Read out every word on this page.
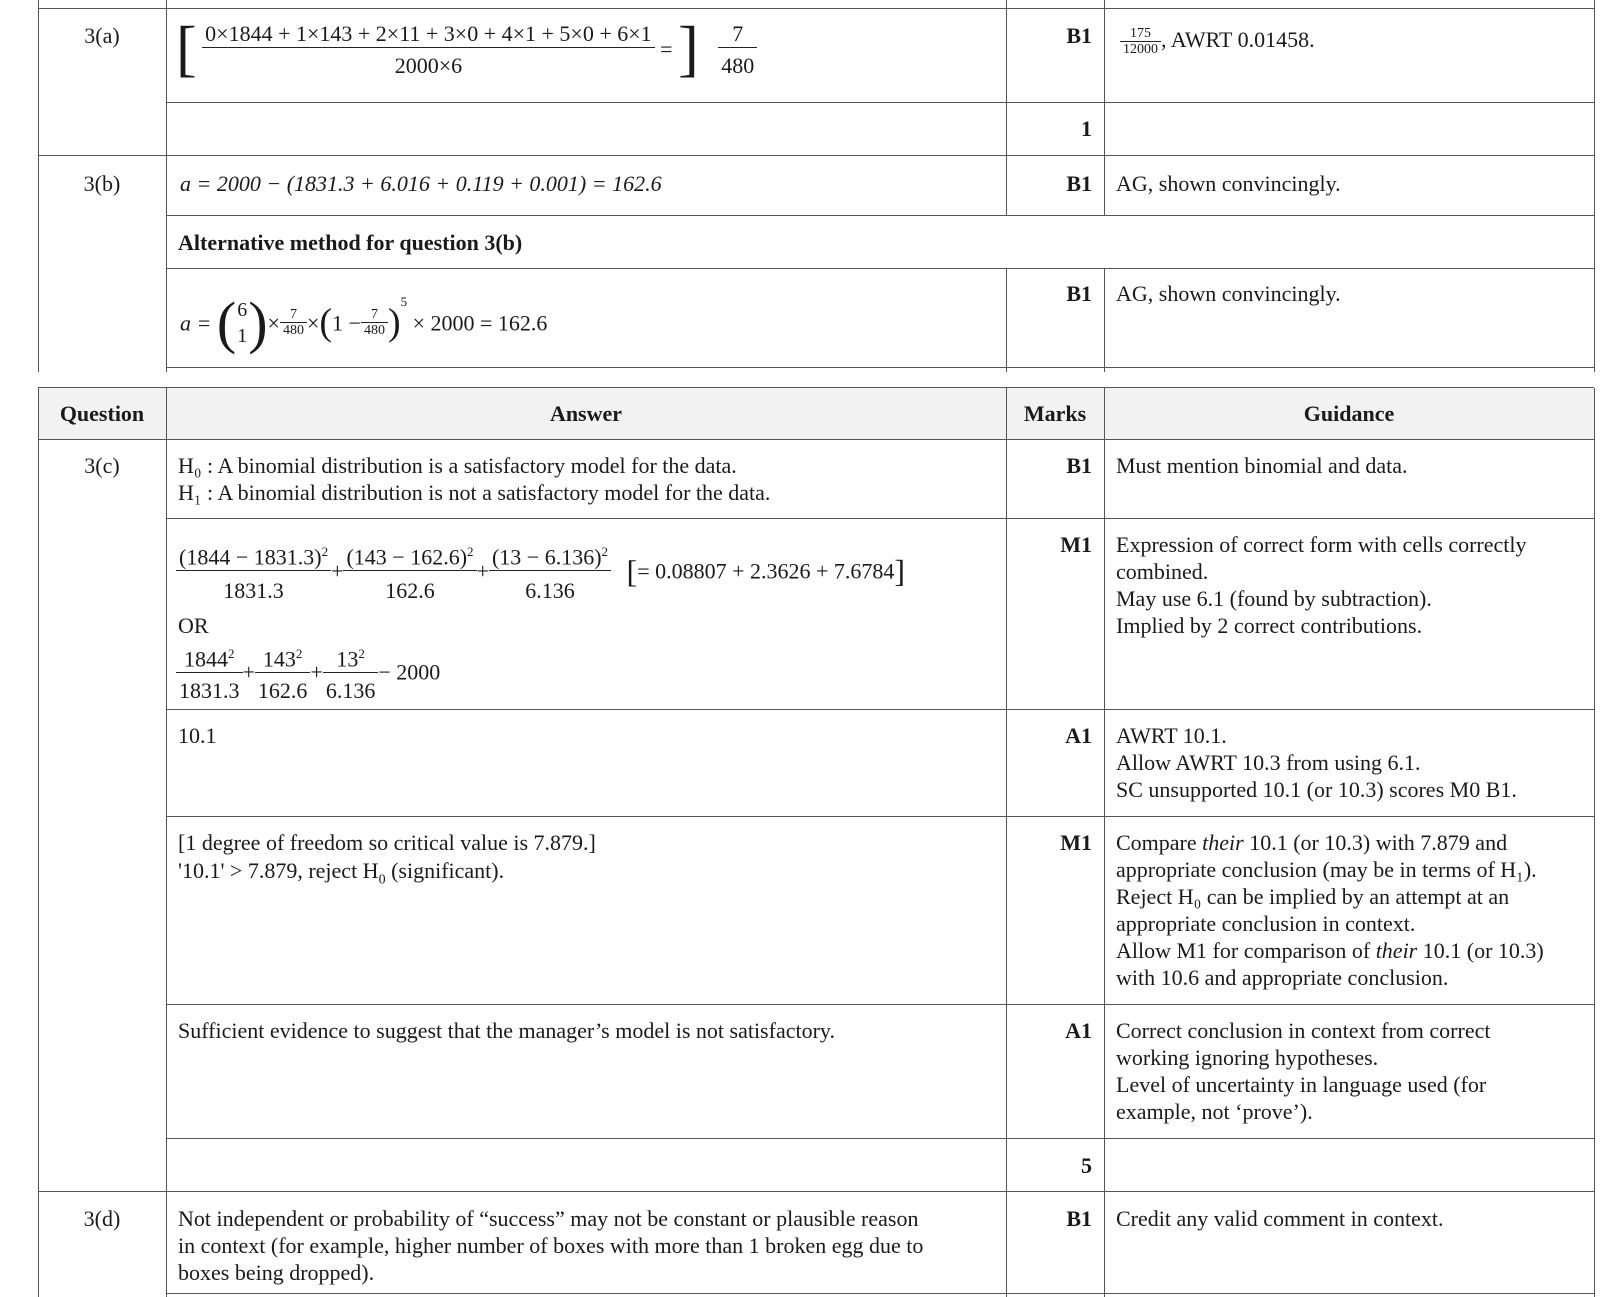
3(a) [ $\frac{0\times 1844 + 1\times 143 + 2\times 11 + 3\times 0 + 4\times 1 + 5\times 0 + 6\times 1}{2000\times 6}$ = ] $\frac{7}{480}$	$B1 \frac{175}{12000}$ , AWRT 0.01458.
1
3(b)	a = 2000 − (1831.3 + 6.016 + 0.119 + 0.001) = 162.6	B1 AG, shown convincingly.
Alternative method for question 3(b)
a = ( 6
1 ) × $\frac{7}{480} \times(1 - \frac{7}{480} )^5 \times 2000 = 162.6$
B1 AG, shown convincingly.
Question	Answer	Marks	Guidance
3(c)	H₀ : A binomial distribution is a satisfactory model for the data.
H₁ : A binomial distribution is not a satisfactory model for the data.
B1 Must mention binomial and data.
$\frac{(1844 - 1831.3)^2}{1831.3} + \frac{(143 - 162.6)^2}{162.6} + \frac{(13 - 6.136)^2}{6.136}$ [= 0.08807 + 2.3626 + 7.6784]
OR
$\frac{1844^2}{1831.3} + \frac{143^2}{162.6} + \frac{13^2}{6.136} - 2000$
M1 Expression of correct form with cells correctly
combined.
May use 6.1 (found by subtraction).
Implied by 2 correct contributions.
10.1	A1 AWRT 10.1.
Allow AWRT 10.3 from using 6.1.
SC unsupported 10.1 (or 10.3) scores M0 B1.
[1 degree of freedom so critical value is 7.879.]
'10.1' > 7.879, reject $H_0$ (significant).
M1 Compare their 10.1 (or 10.3) with 7.879 and
appropriate conclusion (may be in terms of H₁).
Reject H₀ can be implied by an attempt at an
appropriate conclusion in context.
Allow M1 for comparison of their 10.1 (or 10.3)
with 10.6 and appropriate conclusion.
Sufficient evidence to suggest that the manager’s model is not satisfactory.	A1 Correct conclusion in context from correct
working ignoring hypotheses.
Level of uncertainty in language used (for
example, not ‘prove’).
5
3(d)	Not independent or probability of “success” may not be constant or plausible reason
in context (for example, higher number of boxes with more than 1 broken egg due to
boxes being dropped).
B1 Credit any valid comment in context.
